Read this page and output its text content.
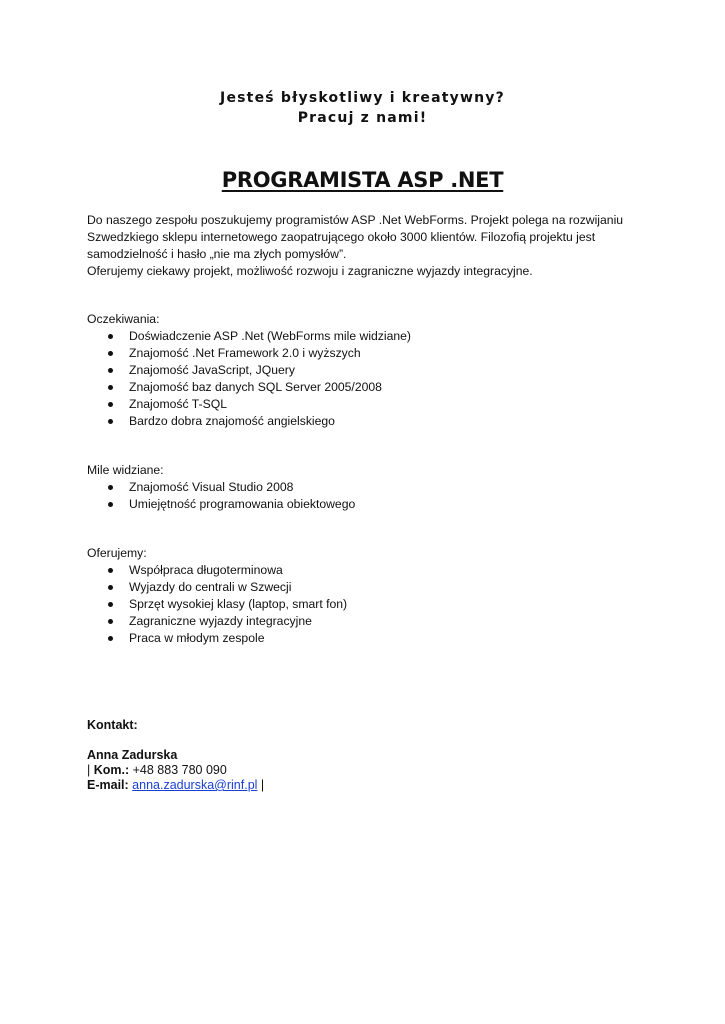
Jesteś błyskotliwy i kreatywny?
Pracuj z nami!
PROGRAMISTA ASP .NET

Do naszego zespołu poszukujemy programistów ASP .Net WebForms. Projekt polega na rozwijaniu

Szwedzkiego sklepu internetowego zaopatrującego około 3000 klientów. Filozofią projektu jest

samodzielność i hasło „nie ma złych pomysłów”.

Oferujemy ciekawy projekt, możliwość rozwoju i zagraniczne wyjazdy integracyjne.

Oczekiwania:

Doświadczenie ASP .Net (WebForms mile widziane)
Znajomość .Net Framework 2.0 i wyższych
Znajomość JavaScript, JQuery
Znajomość baz danych SQL Server 2005/2008
Znajomość T-SQL
Bardzo dobra znajomość angielskiego

Mile widziane:

Znajomość Visual Studio 2008
Umiejętność programowania obiektowego

Oferujemy:

Współpraca długoterminowa
Wyjazdy do centrali w Szwecji
Sprzęt wysokiej klasy (laptop, smart fon)
Zagraniczne wyjazdy integracyjne
Praca w młodym zespole
Kontakt:
Anna Zadurska
| Kom.: +48 883 780 090
E-mail: anna.zadurska@rinf.pl |
